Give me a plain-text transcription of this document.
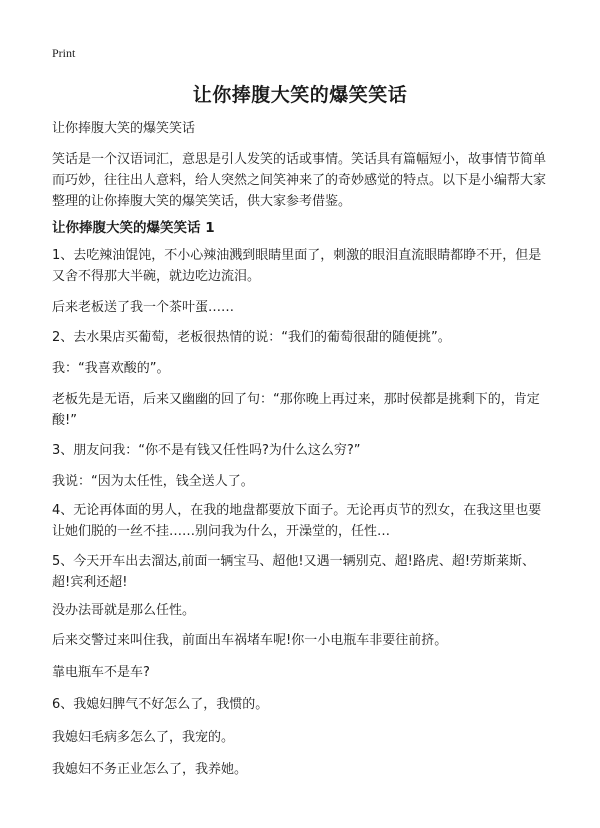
Print
让你捧腹大笑的爆笑笑话

让你捧腹大笑的爆笑笑话

笑话是一个汉语词汇，意思是引人发笑的话或事情。笑话具有篇幅短小，故事情节简单而巧妙，往往出人意料，给人突然之间笑神来了的奇妙感觉的特点。以下是小编帮大家整理的让你捧腹大笑的爆笑笑话，供大家参考借鉴。

让你捧腹大笑的爆笑笑话 1

1、去吃辣油馄饨，不小心辣油溅到眼睛里面了，刺激的眼泪直流眼睛都睁不开，但是又舍不得那大半碗，就边吃边流泪。

后来老板送了我一个茶叶蛋……

2、去水果店买葡萄，老板很热情的说：“我们的葡萄很甜的随便挑”。

我：“我喜欢酸的”。

老板先是无语，后来又幽幽的回了句：“那你晚上再过来，那时侯都是挑剩下的，肯定酸!”

3、朋友问我：“你不是有钱又任性吗?为什么这么穷?”

我说：“因为太任性，钱全送人了。

4、无论再体面的男人，在我的地盘都要放下面子。无论再贞节的烈女，在我这里也要让她们脱的一丝不挂……别问我为什么，开澡堂的，任性…

5、今天开车出去溜达,前面一辆宝马、超他!又遇一辆别克、超!路虎、超!劳斯莱斯、超!宾利还超!

没办法哥就是那么任性。

后来交警过来叫住我，前面出车祸堵车呢!你一小电瓶车非要往前挤。

靠电瓶车不是车?

6、我媳妇脾气不好怎么了，我惯的。

我媳妇毛病多怎么了，我宠的。

我媳妇不务正业怎么了，我养她。
